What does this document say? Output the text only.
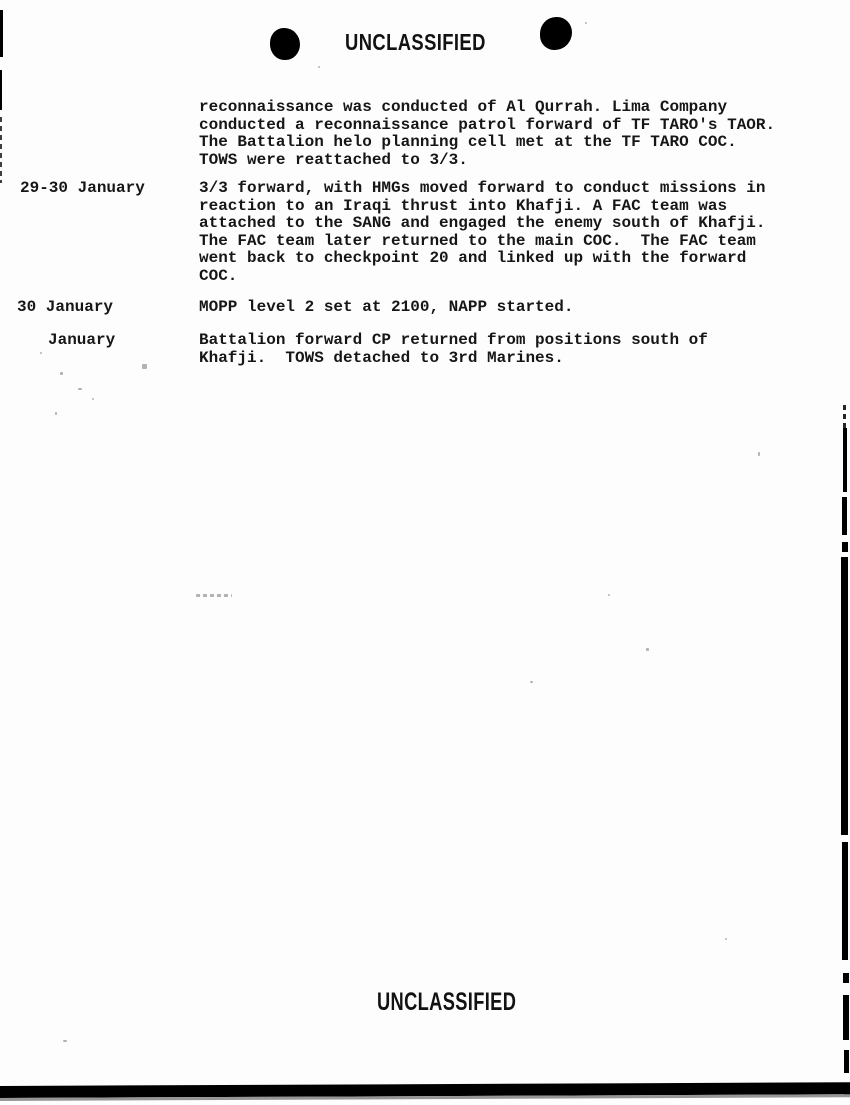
UNCLASSIFIED
reconnaissance was conducted of Al Qurrah. Lima Company
conducted a reconnaissance patrol forward of TF TARO's TAOR.
The Battalion helo planning cell met at the TF TARO COC.
TOWS were reattached to 3/3.
29-30 January	3/3 forward, with HMGs moved forward to conduct missions in
reaction to an Iraqi thrust into Khafji. A FAC team was
attached to the SANG and engaged the enemy south of Khafji.
The FAC team later returned to the main COC.  The FAC team
went back to checkpoint 20 and linked up with the forward
COC.
30 January	MOPP level 2 set at 2100, NAPP started.
January	Battalion forward CP returned from positions south of
Khafji.  TOWS detached to 3rd Marines.
UNCLASSIFIED
